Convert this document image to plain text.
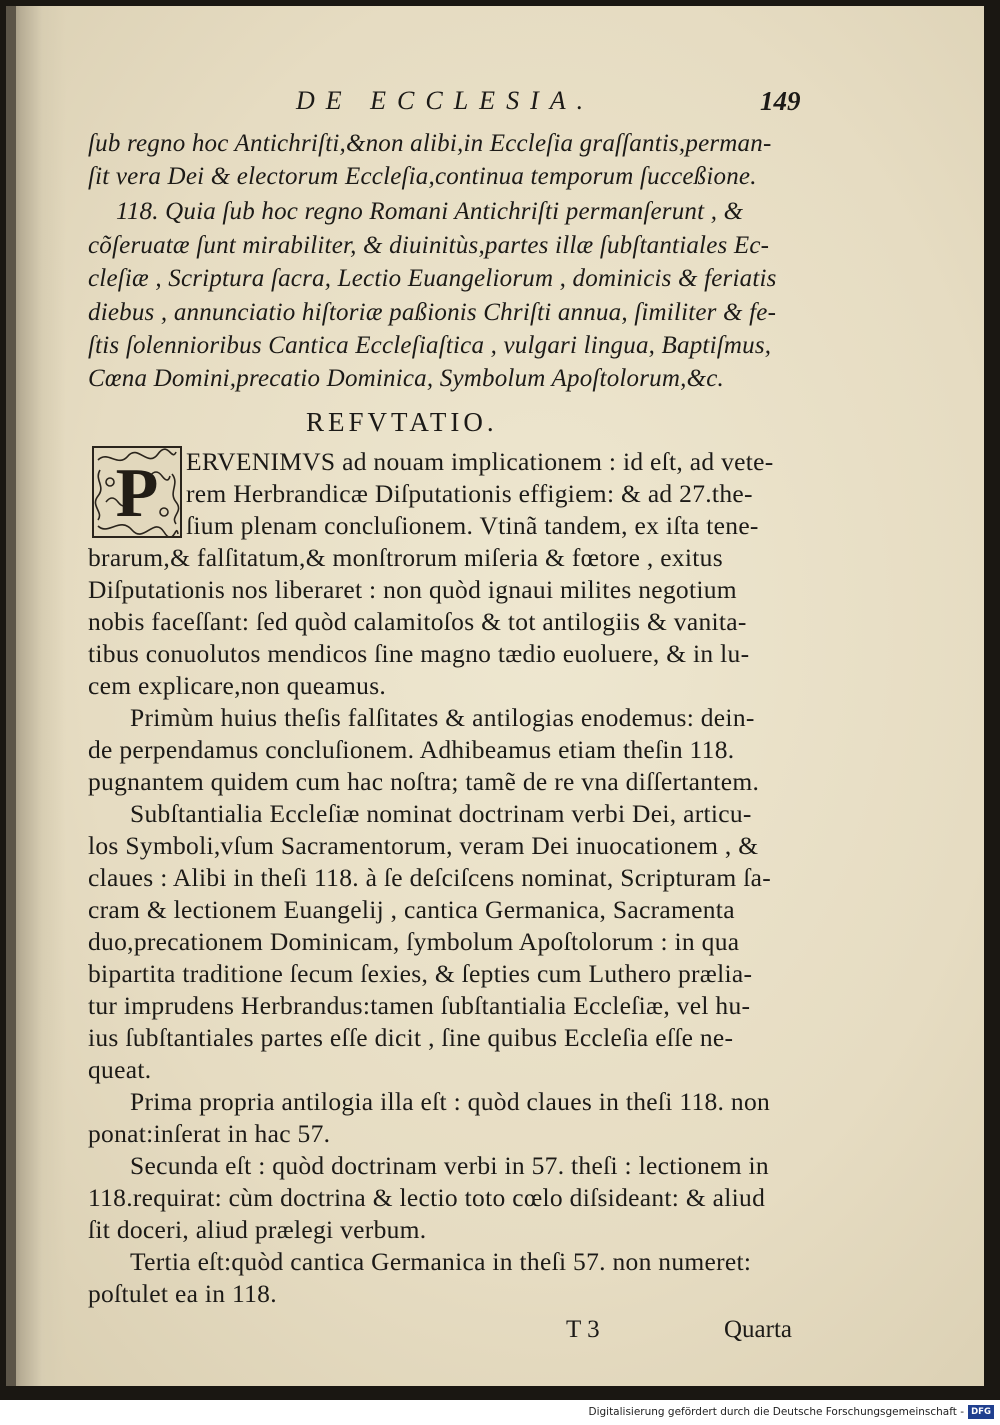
DE ECCLESIA.	149
ſub regno hoc Antichriſti,&non alibi,in Eccleſia graſſantis,perman-
ſit vera Dei & electorum Eccleſia,continua temporum ſucceßione.
118. Quia ſub hoc regno Romani Antichriſti permanſerunt , &
cõſeruatæ ſunt mirabiliter, & diuinitùs,partes illæ ſubſtantiales Ec-
cleſiæ , Scriptura ſacra, Lectio Euangeliorum , dominicis & feriatis
diebus , annunciatio hiſtoriæ paßionis Chriſti annua, ſimiliter & fe-
ſtis ſolennioribus Cantica Eccleſiaſtica , vulgari lingua, Baptiſmus,
Cœna Domini,precatio Dominica, Symbolum Apoſtolorum,&c.
REFVTATIO.
P ERVENIMVS ad nouam implicationem : id eſt, ad vete-
rem Herbrandicæ Diſputationis effigiem: & ad 27.the-
ſium plenam concluſionem. Vtinã tandem, ex iſta tene-
brarum,& falſitatum,& monſtrorum miſeria & fœtore , exitus
Diſputationis nos liberaret : non quòd ignaui milites negotium
nobis faceſſant: ſed quòd calamitoſos & tot antilogiis & vanita-
tibus conuolutos mendicos ſine magno tædio euoluere, & in lu-
cem explicare,non queamus.
Primùm huius theſis falſitates & antilogias enodemus: dein-
de perpendamus concluſionem. Adhibeamus etiam theſin 118.
pugnantem quidem cum hac noſtra; tamẽ de re vna diſſertantem.
Subſtantialia Eccleſiæ nominat doctrinam verbi Dei, articu-
los Symboli,vſum Sacramentorum, veram Dei inuocationem , &
claues : Alibi in theſi 118. à ſe deſciſcens nominat, Scripturam ſa-
cram & lectionem Euangelij , cantica Germanica, Sacramenta
duo,precationem Dominicam, ſymbolum Apoſtolorum : in qua
bipartita traditione ſecum ſexies, & ſepties cum Luthero prælia-
tur imprudens Herbrandus:tamen ſubſtantialia Eccleſiæ, vel hu-
ius ſubſtantiales partes eſſe dicit , ſine quibus Eccleſia eſſe ne-
queat.
Prima propria antilogia illa eſt : quòd claues in theſi 118. non
ponat:inſerat in hac 57.
Secunda eſt : quòd doctrinam verbi in 57. theſi : lectionem in
118.requirat: cùm doctrina & lectio toto cœlo diſsideant: & aliud
ſit doceri, aliud prælegi verbum.
Tertia eſt:quòd cantica Germanica in theſi 57. non numeret:
poſtulet ea in 118.
T 3	Quarta
Digitalisierung gefördert durch die Deutsche Forschungsgemeinschaft - DFG
